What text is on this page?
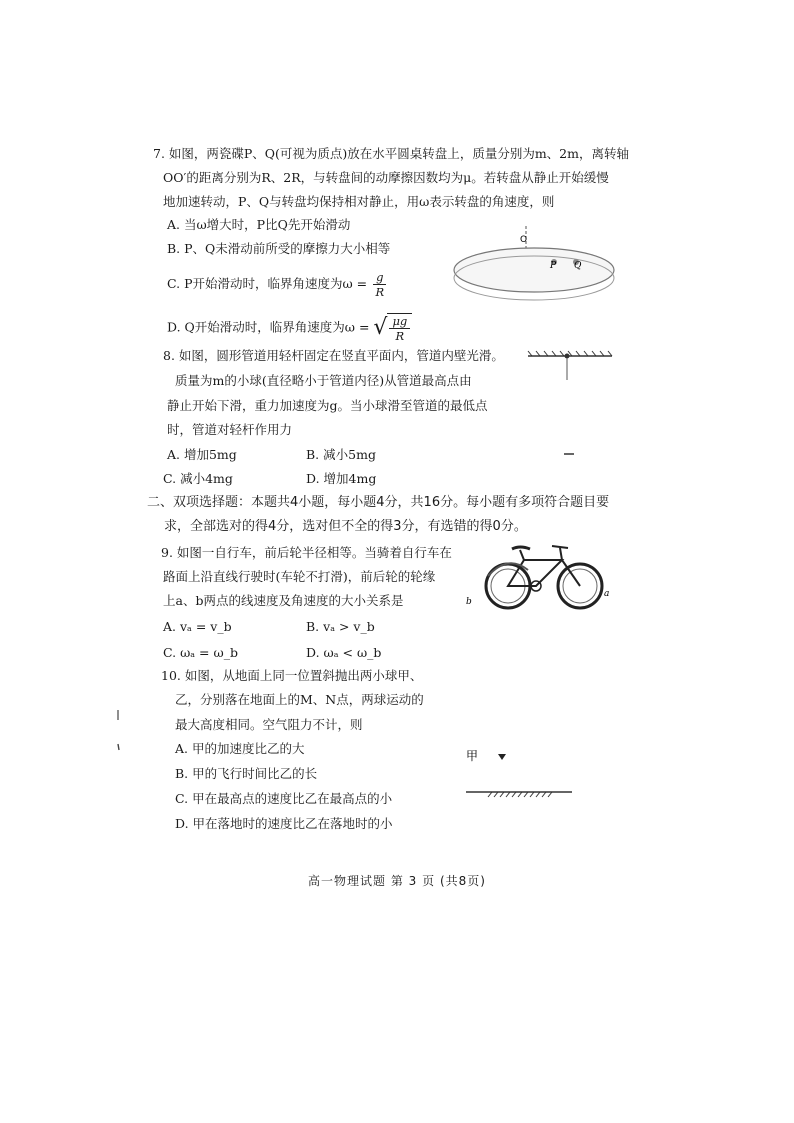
7. 如图，两瓷碟P、Q(可视为质点)放在水平圆桌转盘上，质量分别为m、2m，离转轴
OO′的距离分别为R、2R，与转盘间的动摩擦因数均为μ。若转盘从静止开始缓慢
地加速转动，P、Q与转盘均保持相对静止，用ω表示转盘的角速度，则
A. 当ω增大时，P比Q先开始滑动
B. P、Q未滑动前所受的摩擦力大小相等
C. P开始滑动时，临界角速度为$\omega = \frac{g}{R}$
D. Q开始滑动时，临界角速度为ω = √ $\frac{\mu g}{R}$
O
P Q
8. 如图，圆形管道用轻杆固定在竖直平面内，管道内壁光滑。
质量为m的小球(直径略小于管道内径)从管道最高点由
静止开始下滑，重力加速度为g。当小球滑至管道的最低点
时，管道对轻杆作用力
A. 增加5mg	B. 减小5mg
C. 减小4mg	D. 增加4mg
二、双项选择题：本题共4小题，每小题4分，共16分。每小题有多项符合题目要
求，全部选对的得4分，选对但不全的得3分，有选错的得0分。
9. 如图一自行车，前后轮半径相等。当骑着自行车在
路面上沿直线行驶时(车轮不打滑)，前后轮的轮缘
上a、b两点的线速度及角速度的大小关系是
A. vₐ = v_b	B. vₐ > v_b
C. ωₐ = ω_b	D. ωₐ < ω_b
b
a
10. 如图，从地面上同一位置斜抛出两小球甲、
乙，分别落在地面上的M、N点，两球运动的
最大高度相同。空气阻力不计，则
A. 甲的加速度比乙的大
B. 甲的飞行时间比乙的长
C. 甲在最高点的速度比乙在最高点的小
D. 甲在落地时的速度比乙在落地时的小
甲
高一物理试题 第 3 页 (共8页)
